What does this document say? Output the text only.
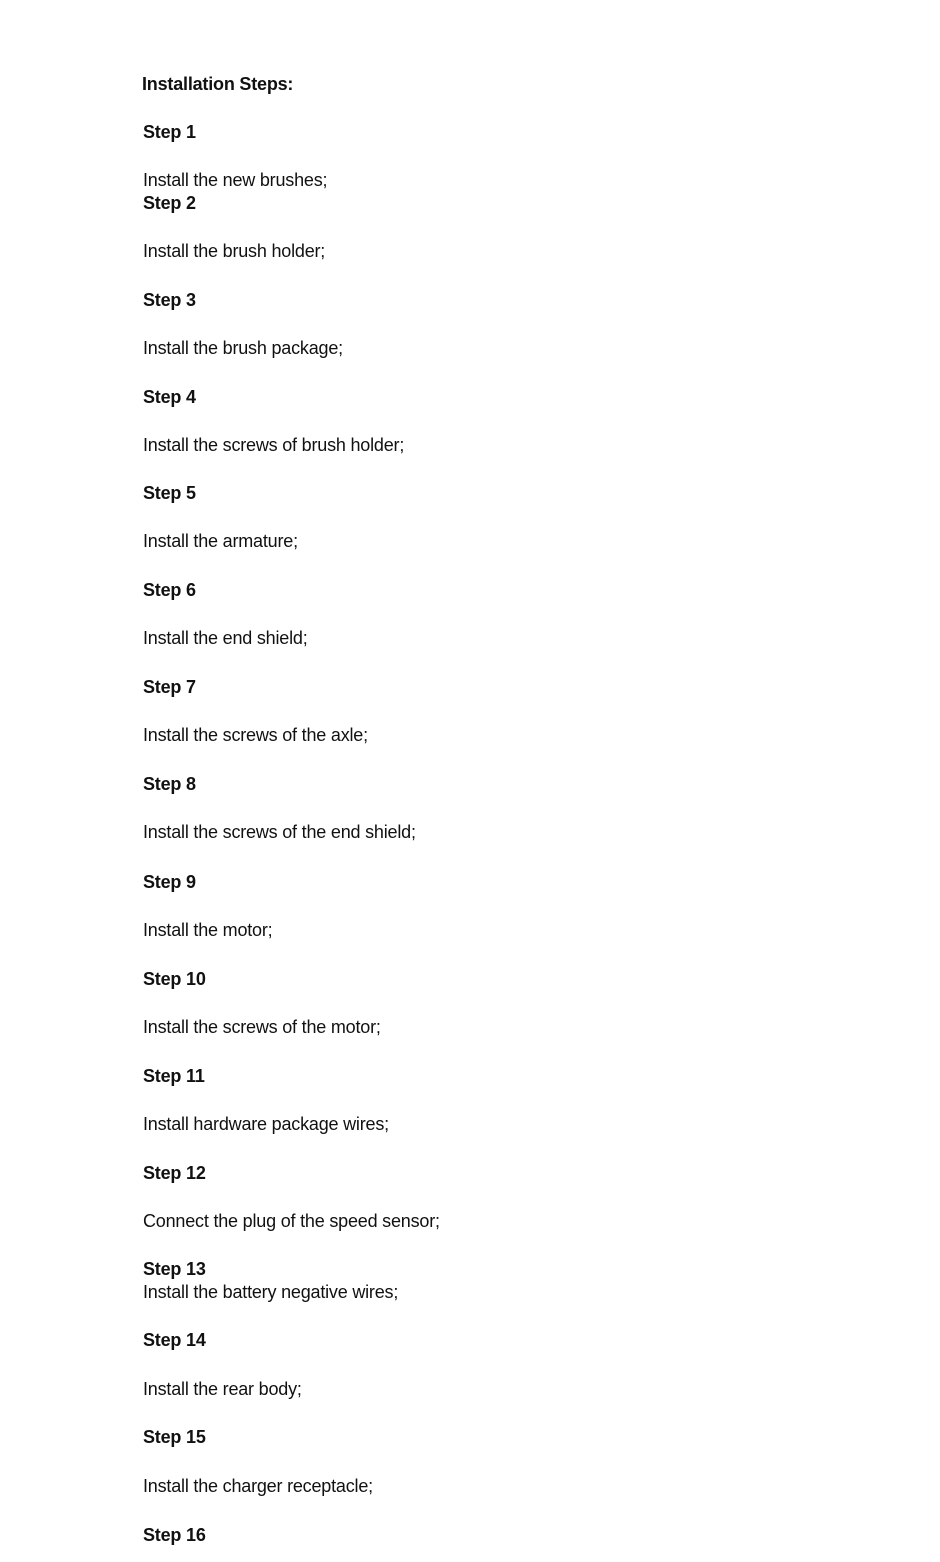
Installation Steps:
Step 1
Install the new brushes;
Step 2
Install the brush holder;
Step 3
Install the brush package;
Step 4
Install the screws of brush holder;
Step 5
Install the armature;
Step 6
Install the end shield;
Step 7
Install the screws of the axle;
Step 8
Install the screws of the end shield;
Step 9
Install the motor;
Step 10
Install the screws of the motor;
Step 11
Install hardware package wires;
Step 12
Connect the plug of the speed sensor;
Step 13
Install the battery negative wires;
Step 14
Install the rear body;
Step 15
Install the charger receptacle;
Step 16
